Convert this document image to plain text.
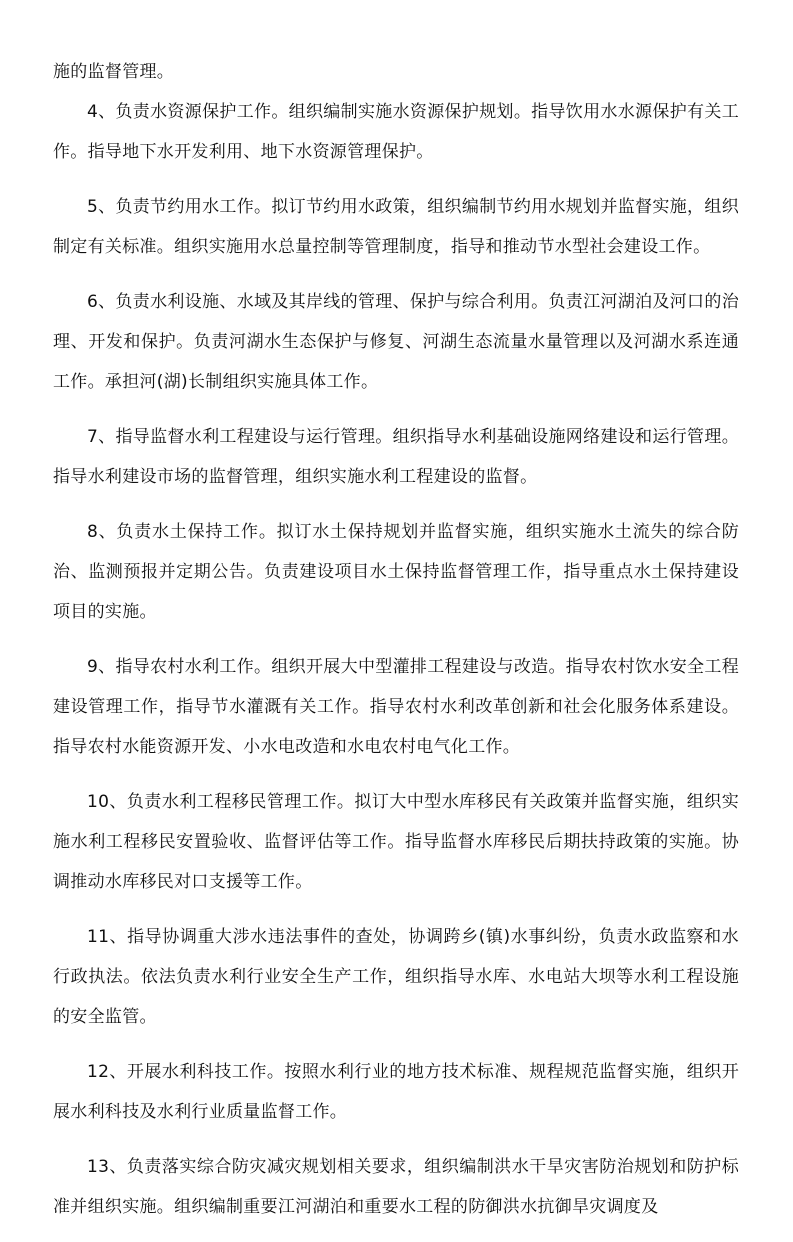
施的监督管理。

4、负责水资源保护工作。组织编制实施水资源保护规划。指导饮用水水源保护有关工作。指导地下水开发利用、地下水资源管理保护。

5、负责节约用水工作。拟订节约用水政策，组织编制节约用水规划并监督实施，组织制定有关标准。组织实施用水总量控制等管理制度，指导和推动节水型社会建设工作。

6、负责水利设施、水域及其岸线的管理、保护与综合利用。负责江河湖泊及河口的治理、开发和保护。负责河湖水生态保护与修复、河湖生态流量水量管理以及河湖水系连通工作。承担河(湖)长制组织实施具体工作。

7、指导监督水利工程建设与运行管理。组织指导水利基础设施网络建设和运行管理。指导水利建设市场的监督管理，组织实施水利工程建设的监督。

8、负责水土保持工作。拟订水土保持规划并监督实施，组织实施水土流失的综合防治、监测预报并定期公告。负责建设项目水土保持监督管理工作，指导重点水土保持建设项目的实施。

9、指导农村水利工作。组织开展大中型灌排工程建设与改造。指导农村饮水安全工程建设管理工作，指导节水灌溉有关工作。指导农村水利改革创新和社会化服务体系建设。指导农村水能资源开发、小水电改造和水电农村电气化工作。

10、负责水利工程移民管理工作。拟订大中型水库移民有关政策并监督实施，组织实施水利工程移民安置验收、监督评估等工作。指导监督水库移民后期扶持政策的实施。协调推动水库移民对口支援等工作。

11、指导协调重大涉水违法事件的查处，协调跨乡(镇)水事纠纷，负责水政监察和水行政执法。依法负责水利行业安全生产工作，组织指导水库、水电站大坝等水利工程设施的安全监管。

12、开展水利科技工作。按照水利行业的地方技术标准、规程规范监督实施，组织开展水利科技及水利行业质量监督工作。

13、负责落实综合防灾减灾规划相关要求，组织编制洪水干旱灾害防治规划和防护标准并组织实施。组织编制重要江河湖泊和重要水工程的防御洪水抗御旱灾调度及
